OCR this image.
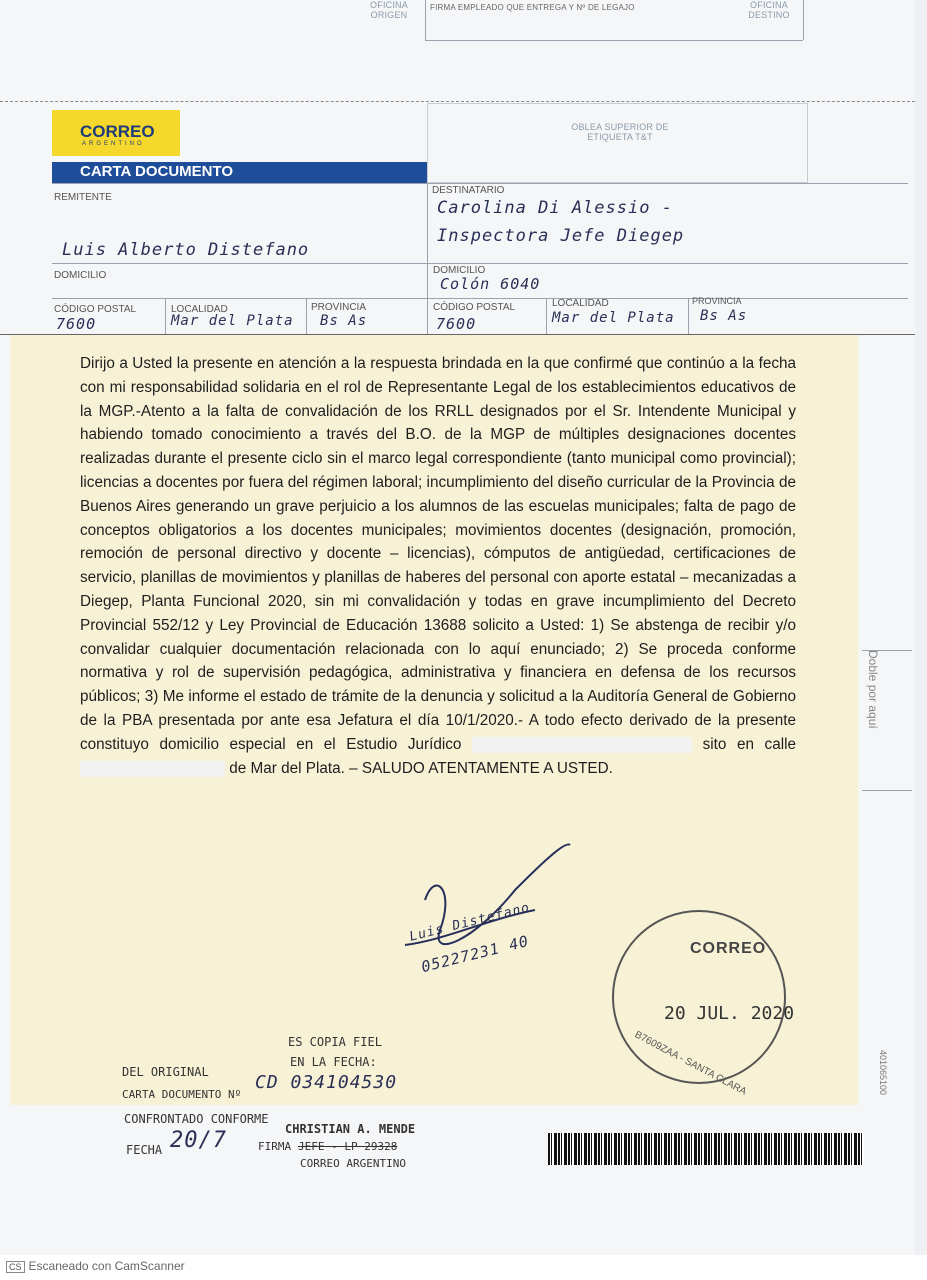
OFICINA ORIGEN
FIRMA EMPLEADO QUE ENTREGA Y Nº DE LEGAJO	OFICINA DESTINO
CORREO
ARGENTINO
OBLEA SUPERIOR DE ETIQUETA T&T
CARTA DOCUMENTO
REMITENTE
Luis Alberto Distefano
DOMICILIO
CÓDIGO POSTAL
7600
LOCALIDAD
Mar del Plata
PROVINCIA
Bs As
DESTINATARIO
Carolina Di Alessio -
Inspectora Jefe Diegep
DOMICILIO
Colón 6040
CÓDIGO POSTAL
7600
LOCALIDAD
Mar del Plata
PROVINCIA
Bs As
Dirijo a Usted la presente en atención a la respuesta brindada en la que confirmé que continúo a la fecha con mi responsabilidad solidaria en el rol de Representante Legal de los establecimientos educativos de la MGP.-Atento a la falta de convalidación de los RRLL designados por el Sr. Intendente Municipal y habiendo tomado conocimiento a través del B.O. de la MGP de múltiples designaciones docentes realizadas durante el presente ciclo sin el marco legal correspondiente (tanto municipal como provincial); licencias a docentes por fuera del régimen laboral; incumplimiento del diseño curricular de la Provincia de Buenos Aires generando un grave perjuicio a los alumnos de las escuelas municipales; falta de pago de conceptos obligatorios a los docentes municipales; movimientos docentes (designación, promoción, remoción de personal directivo y docente – licencias), cómputos de antigüedad, certificaciones de servicio, planillas de movimientos y planillas de haberes del personal con aporte estatal – mecanizadas a Diegep, Planta Funcional 2020, sin mi convalidación y todas en grave incumplimiento del Decreto Provincial 552/12 y Ley Provincial de Educación 13688 solicito a Usted: 1) Se abstenga de recibir y/o convalidar cualquier documentación relacionada con lo aquí enunciado; 2) Se proceda conforme normativa y rol de supervisión pedagógica, administrativa y financiera en defensa de los recursos públicos; 3) Me informe el estado de trámite de la denuncia y solicitud a la Auditoría General de Gobierno de la PBA presentada por ante esa Jefatura el día 10/1/2020.- A todo efecto derivado de la presente constituyo domicilio especial en el Estudio Jurídico	sito en calle  de Mar del Plata. – SALUDO ATENTAMENTE A USTED.
Luis Distefano
05227231 40	CORREO
20 JUL. 2020
B7609ZAA - SANTA CLARA
ES COPIA FIEL
DEL ORIGINAL
EN LA FECHA:
CARTA DOCUMENTO Nº
CD 034104530
CONFRONTADO CONFORME
FECHA 20/7	FIRMA
CHRISTIAN A. MENDE
JEFE - LP 29328
CORREO ARGENTINO
Doble por aquí
401065100
CS Escaneado con CamScanner
